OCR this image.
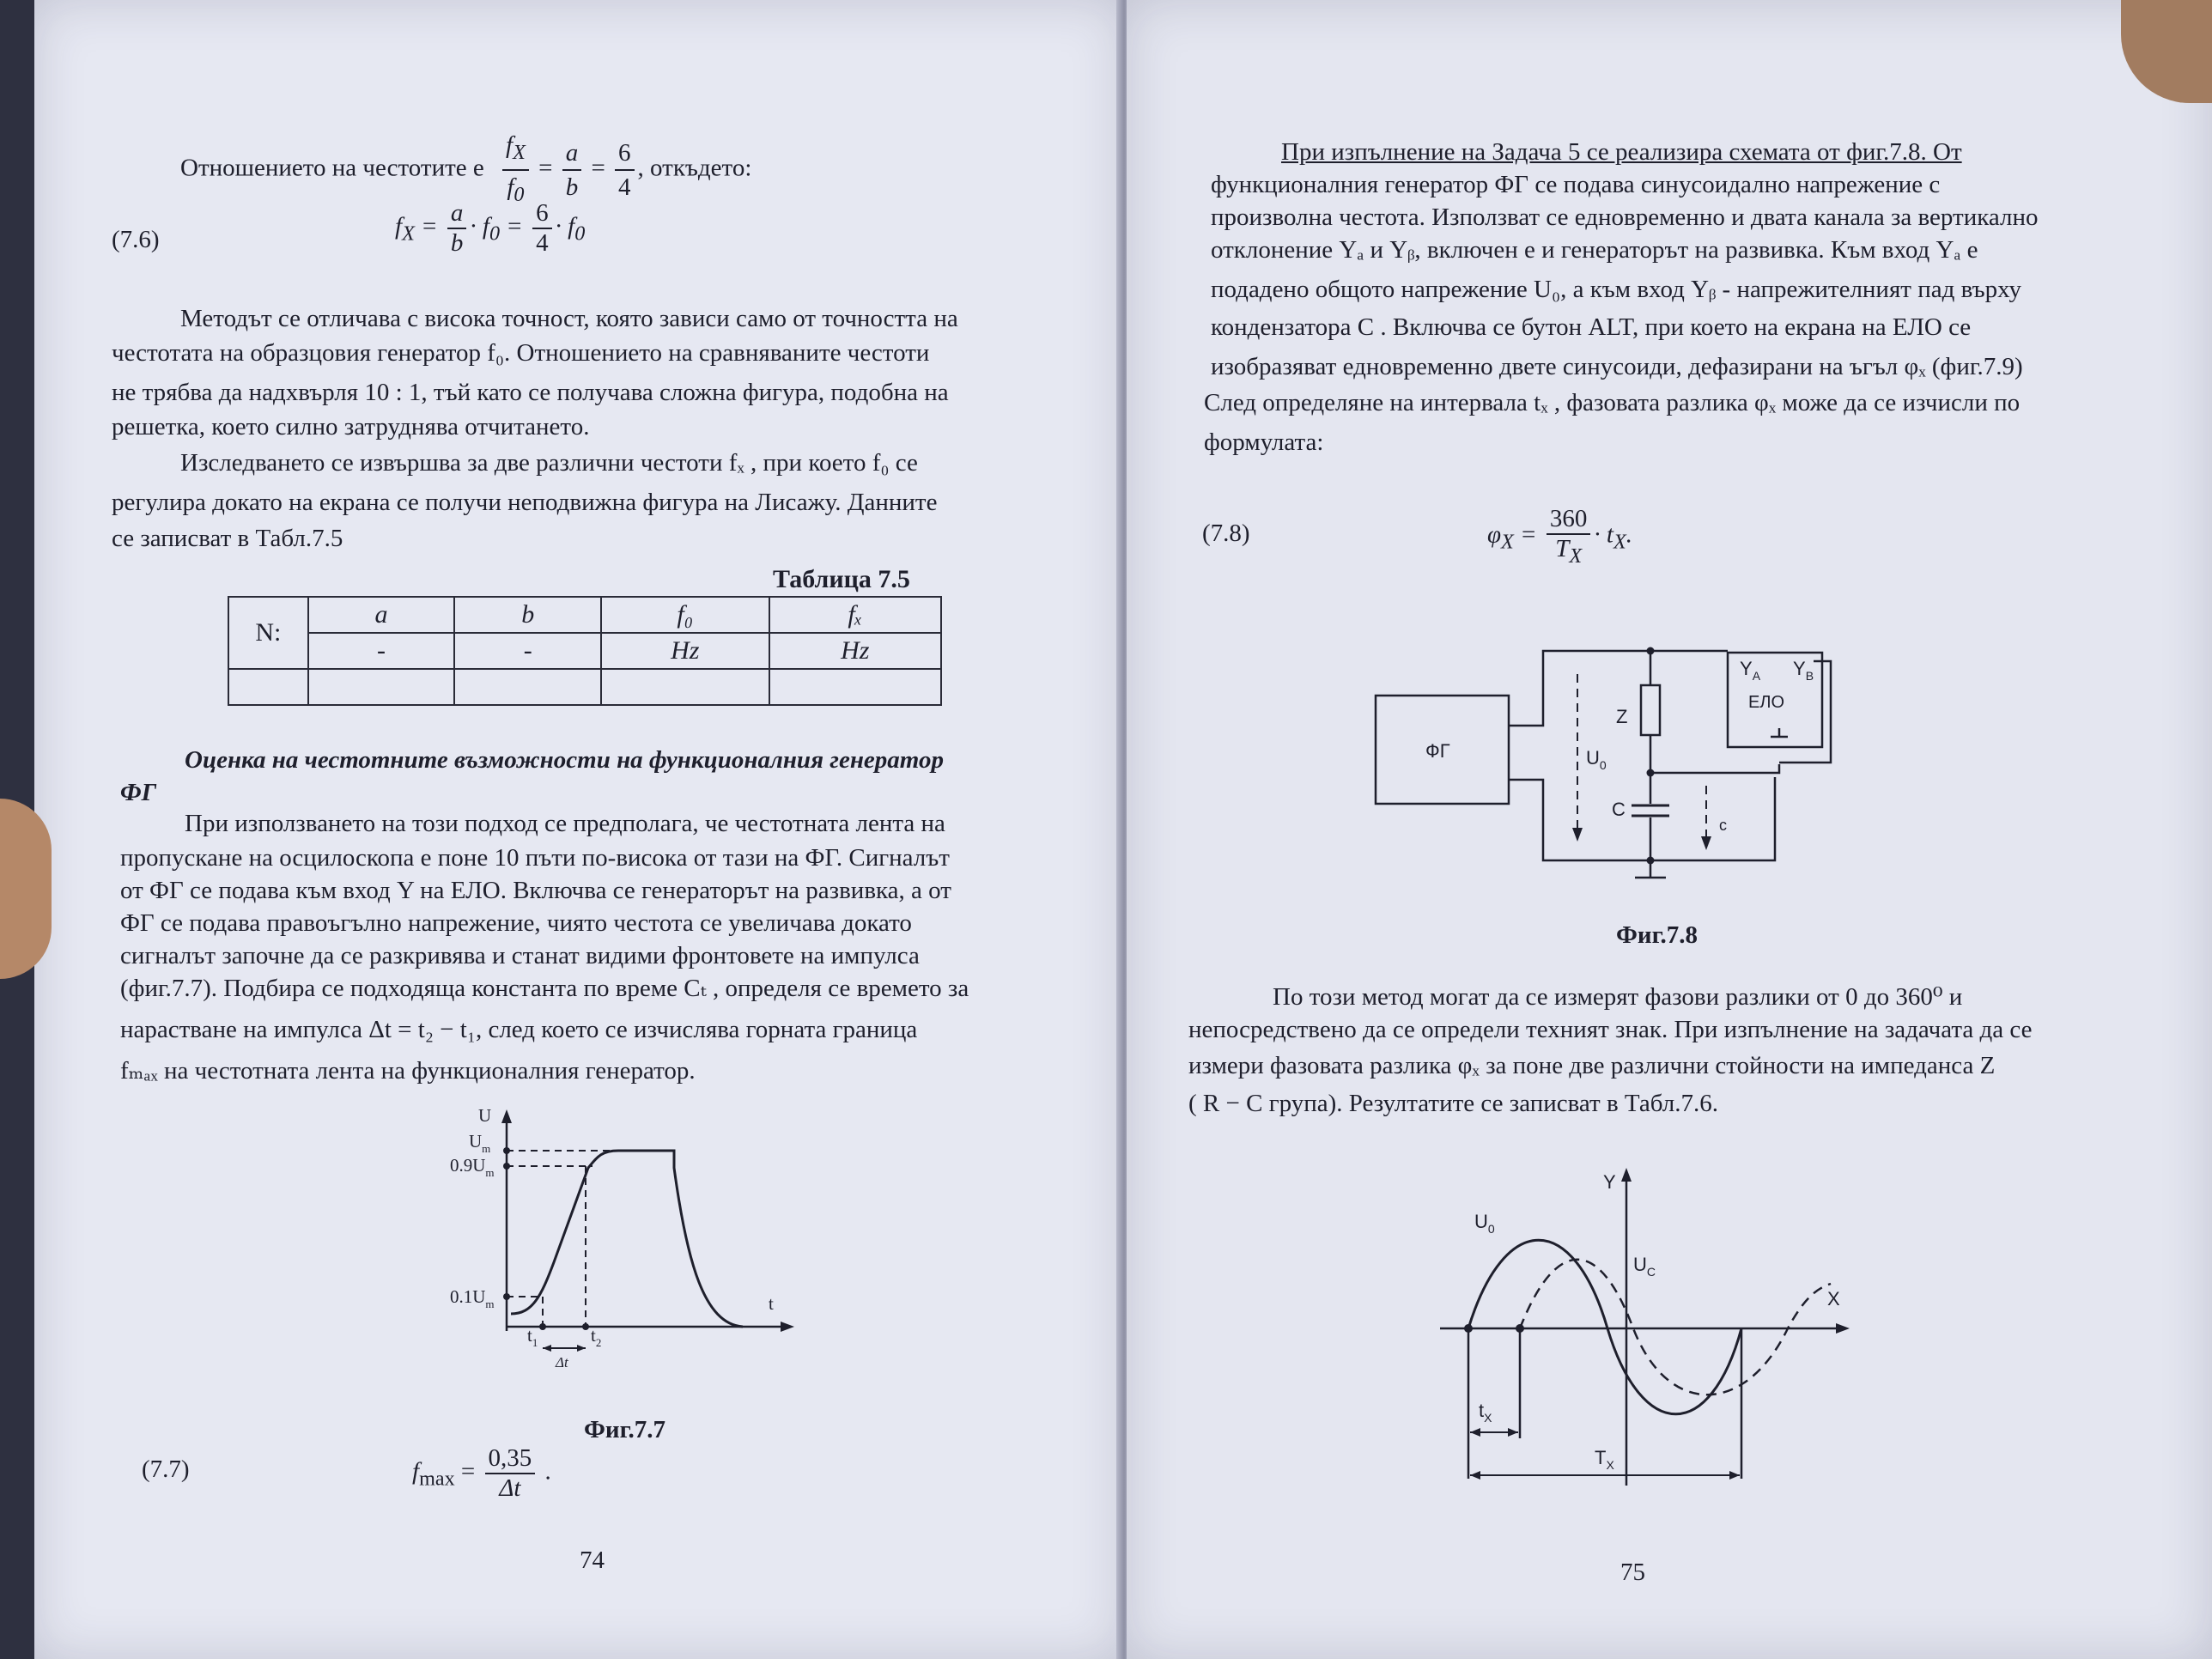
Отношението на честотите е $\frac{f_X}{f_0} = \frac{a}{b} = \frac{6}{4}$ , откъдето:
(7.6)	$f_X = \frac{a}{b} \cdot f_0 = \frac{6}{4} \cdot f_0$
Методът се отличава с висока точност, която зависи само от точността на
честотата на образцовия генератор f₀. Отношението на сравняваните честоти
не трябва да надхвърля 10 : 1, тъй като се получава сложна фигура, подобна на
решетка, което силно затруднява отчитането.
Изследването се извършва за две различни честоти fₓ , при което f₀ се
регулира докато на екрана се получи неподвижна фигура на Лисажу. Данните
се записват в Табл.7.5
Таблица 7.5
N:	a	b	f₀	fₓ
	-	-	Hz	Hz

Оценка на честотните възможности на функционалния генератор
ФГ
При използването на този подход се предполага, че честотната лента на
пропускане на осцилоскопа е поне 10 пъти по-висока от тази на ФГ. Сигналът
от ФГ се подава към вход Y на ЕЛО. Включва се генераторът на развивка, а от
ФГ се подава правоъгълно напрежение, чиято честота се увеличава докато
сигналът започне да се разкривява и станат видими фронтовете на импулса
(фиг.7.7). Подбира се подходяща константа по време Cₜ , определя се времето за
нарастване на импулса Δt = t₂ − t₁, след което се изчислява горната граница
fₘₐₓ на честотната лента на функционалния генератор.
U
$U_m$
$0.9U_m$
$0.1U_m$	t
$t_1$	$t_2$
Δt
Фиг.7.7
(7.7)	$f_{max} = \frac{0,35}{\Delta t}$ .
74
При изпълнение на Задача 5 се реализира схемата от фиг.7.8. От
функционалния генератор ФГ се подава синусоидално напрежение с
произволна честота. Използват се едновременно и двата канала за вертикално
отклонение Yₐ и Yᵦ, включен е и генераторът на развивка. Към вход Yₐ е
подадено общото напрежение U₀, а към вход Yᵦ - напрежителният пад върху
кондензатора C . Включва се бутон ALT, при което на екрана на ЕЛО се
изобразяват едновременно двете синусоиди, дефазирани на ъгъл φₓ (фиг.7.9)
След определяне на интервала tₓ , фазовата разлика φₓ може да се изчисли по
формулата:
(7.8)	$\varphi_X = \frac{360}{T_X} \cdot t_X$.
ФГ
$Y_A$ $Y_B$
ЕЛО
Z
$U_0$
C
c
Фиг.7.8
По този метод могат да се измерят фазови разлики от 0 до 360⁰ и
непосредствено да се определи техният знак. При изпълнение на задачата да се
измери фазовата разлика φₓ за поне две различни стойности на импеданса Z
( R − C група). Резултатите се записват в Табл.7.6.
Y
X
$U_0$
$U_C$
$t_X$
$T_X$
75
